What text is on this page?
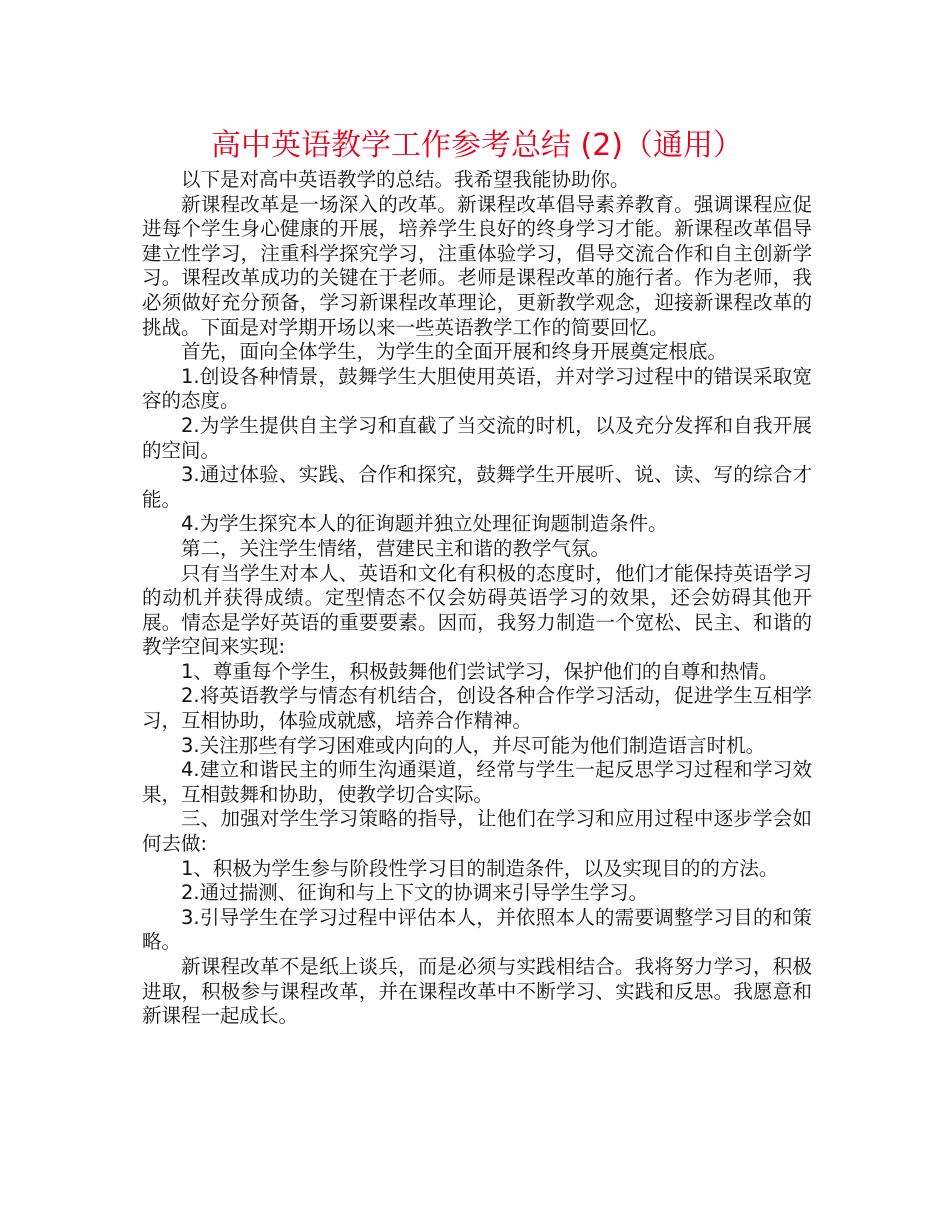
高中英语教学工作参考总结 (2)（通用）

以下是对高中英语教学的总结。我希望我能协助你。

新课程改革是一场深入的改革。新课程改革倡导素养教育。强调课程应促进每个学生身心健康的开展，培养学生良好的终身学习才能。新课程改革倡导建立性学习，注重科学探究学习，注重体验学习，倡导交流合作和自主创新学习。课程改革成功的关键在于老师。老师是课程改革的施行者。作为老师，我必须做好充分预备，学习新课程改革理论，更新教学观念，迎接新课程改革的挑战。下面是对学期开场以来一些英语教学工作的简要回忆。

首先，面向全体学生，为学生的全面开展和终身开展奠定根底。

1.创设各种情景，鼓舞学生大胆使用英语，并对学习过程中的错误采取宽容的态度。

2.为学生提供自主学习和直截了当交流的时机，以及充分发挥和自我开展的空间。

3.通过体验、实践、合作和探究，鼓舞学生开展听、说、读、写的综合才能。

4.为学生探究本人的征询题并独立处理征询题制造条件。

第二，关注学生情绪，营建民主和谐的教学气氛。

只有当学生对本人、英语和文化有积极的态度时，他们才能保持英语学习的动机并获得成绩。定型情态不仅会妨碍英语学习的效果，还会妨碍其他开展。情态是学好英语的重要要素。因而，我努力制造一个宽松、民主、和谐的教学空间来实现:

1、尊重每个学生，积极鼓舞他们尝试学习，保护他们的自尊和热情。

2.将英语教学与情态有机结合，创设各种合作学习活动，促进学生互相学习，互相协助，体验成就感，培养合作精神。

3.关注那些有学习困难或内向的人，并尽可能为他们制造语言时机。

4.建立和谐民主的师生沟通渠道，经常与学生一起反思学习过程和学习效果，互相鼓舞和协助，使教学切合实际。

三、加强对学生学习策略的指导，让他们在学习和应用过程中逐步学会如何去做:

1、积极为学生参与阶段性学习目的制造条件，以及实现目的的方法。

2.通过揣测、征询和与上下文的协调来引导学生学习。

3.引导学生在学习过程中评估本人，并依照本人的需要调整学习目的和策略。

新课程改革不是纸上谈兵，而是必须与实践相结合。我将努力学习，积极进取，积极参与课程改革，并在课程改革中不断学习、实践和反思。我愿意和新课程一起成长。
